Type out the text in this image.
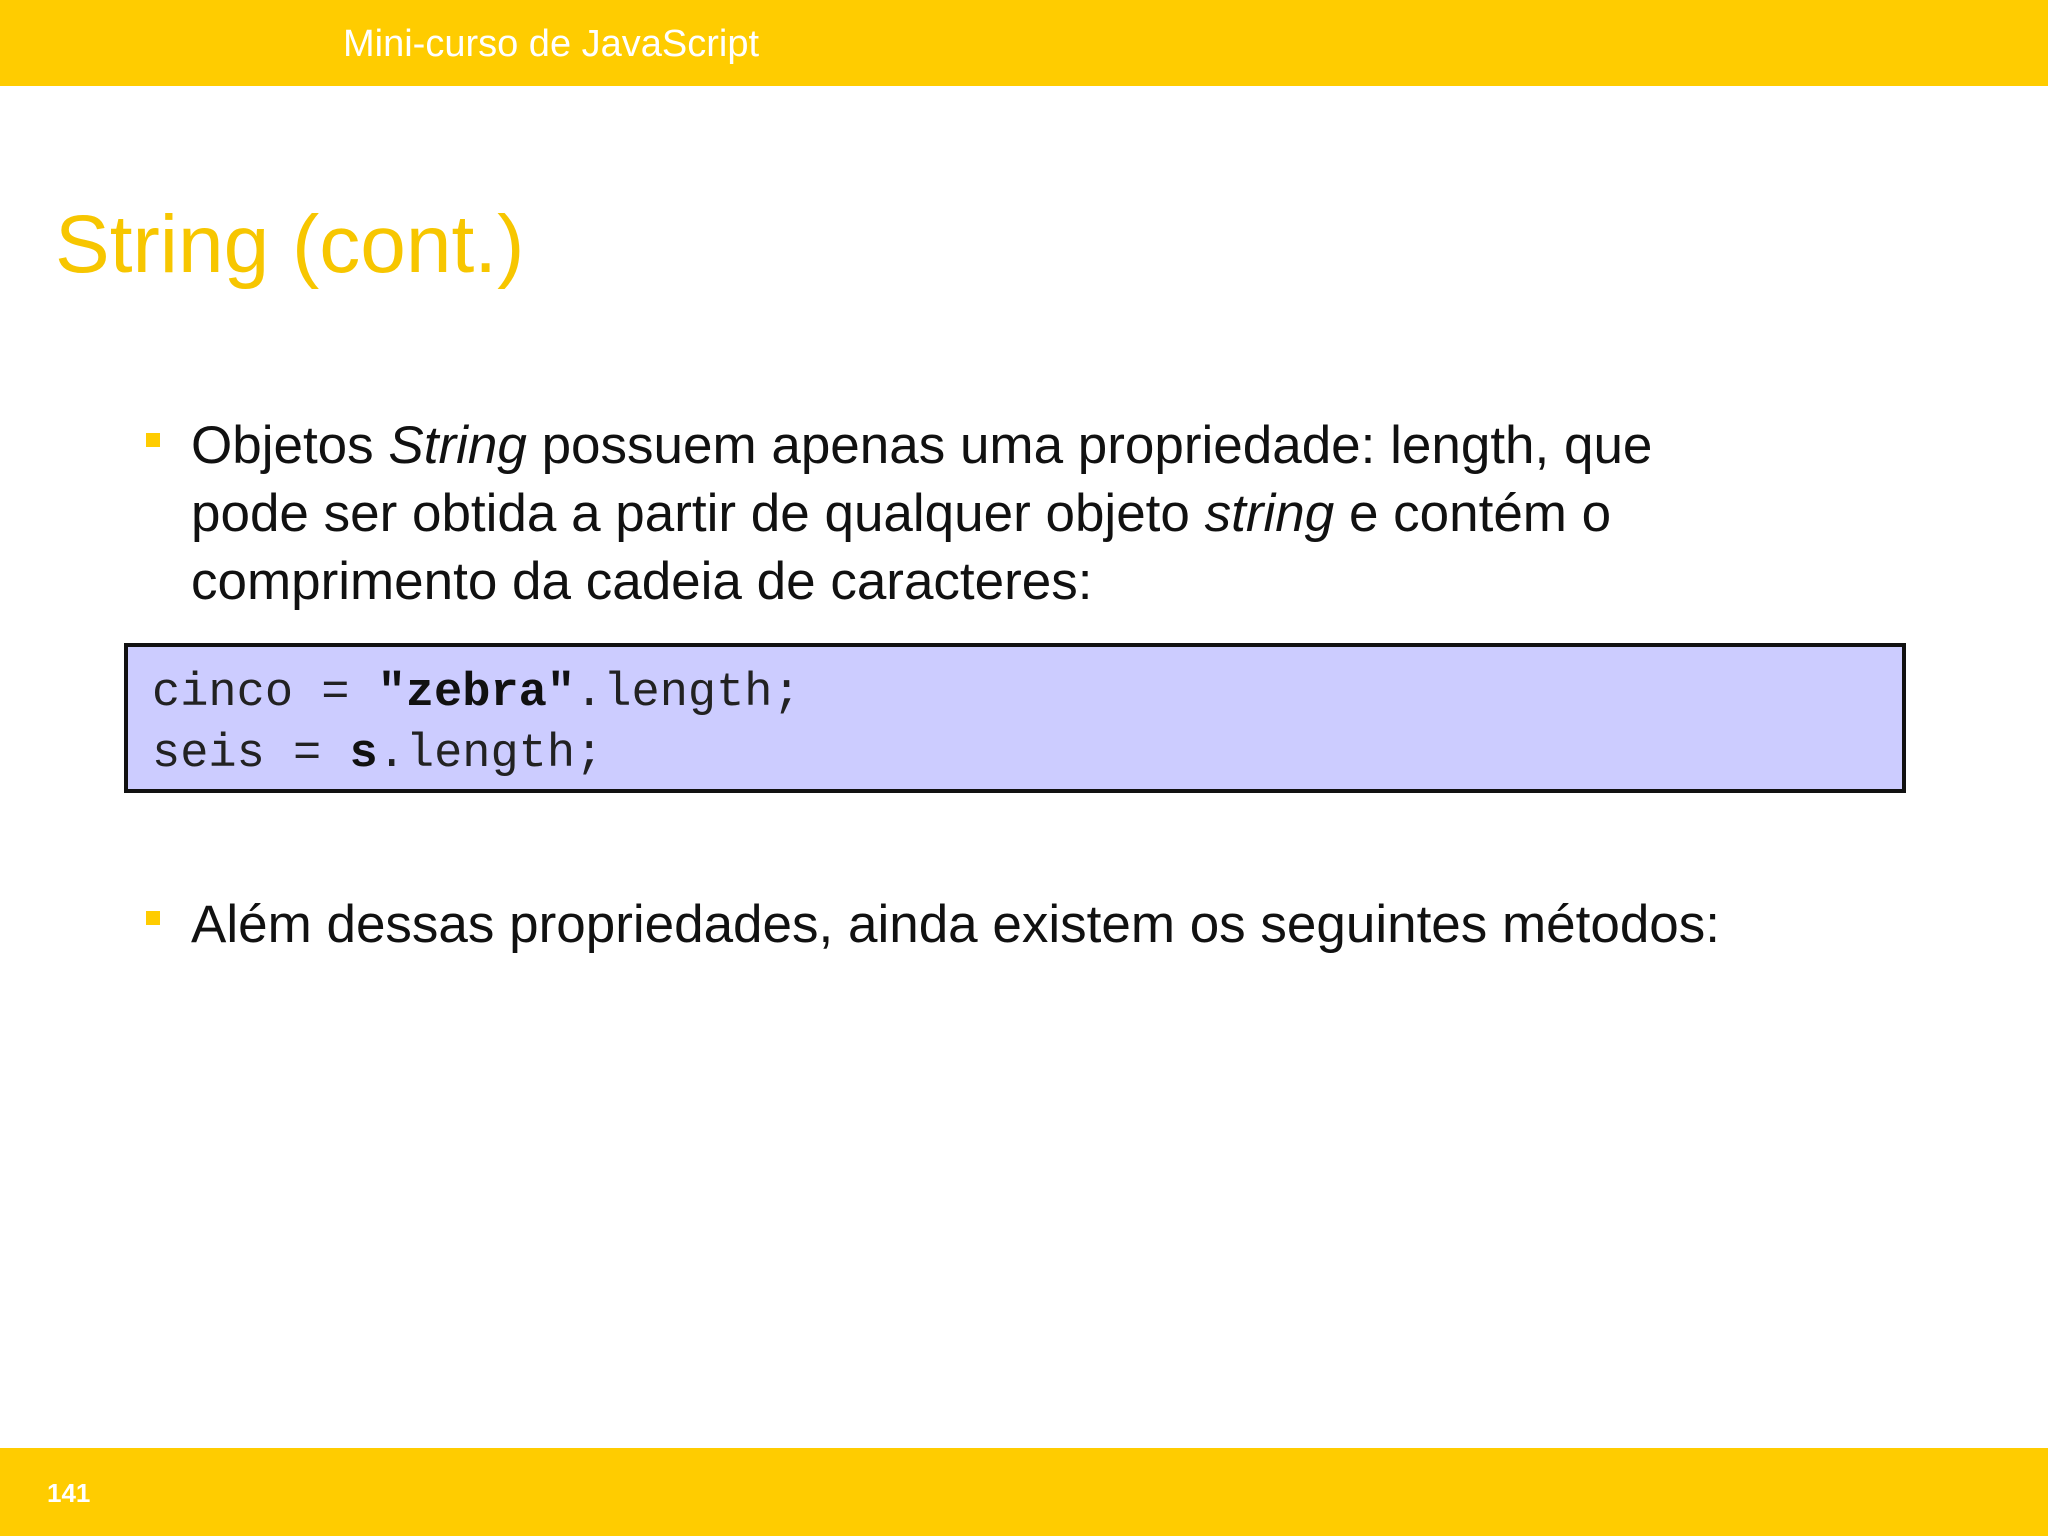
Mini-curso de JavaScript
String (cont.)
Objetos String possuem apenas uma propriedade: length, que
pode ser obtida a partir de qualquer objeto string e contém o
comprimento da cadeia de caracteres:
cinco = "zebra".length;
seis = s.length;
Além dessas propriedades, ainda existem os seguintes métodos:
141
